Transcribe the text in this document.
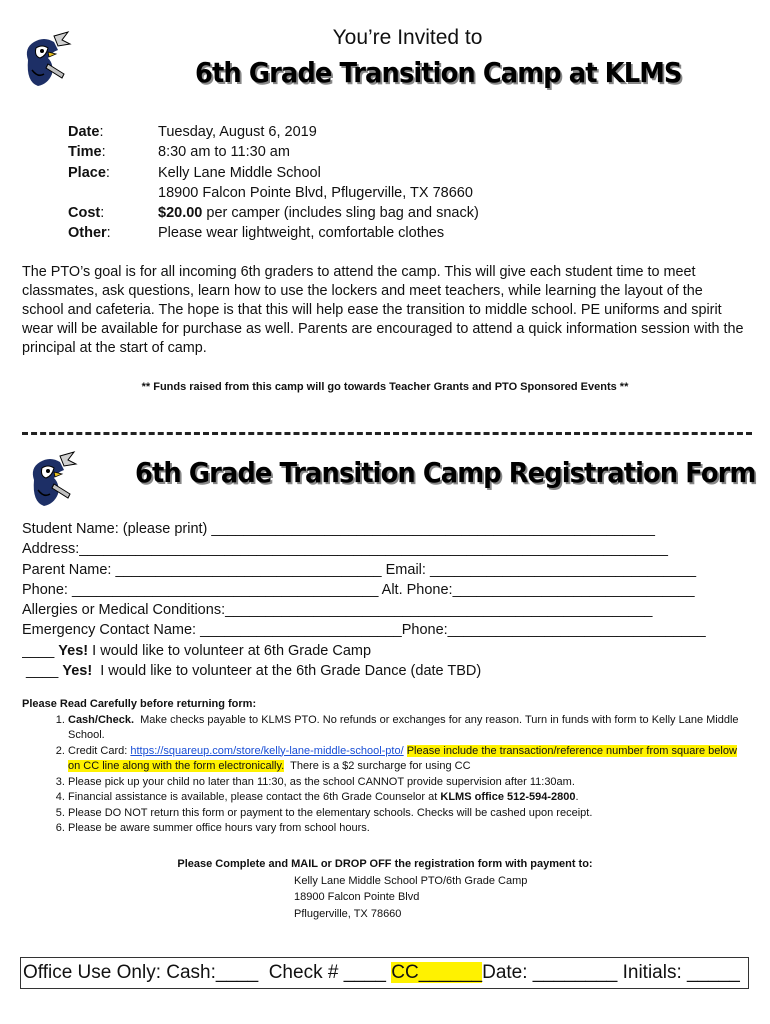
You’re Invited to
6th Grade Transition Camp at KLMS
Date:	Tuesday, August 6, 2019
Time:	8:30 am to 11:30 am
Place:	Kelly Lane Middle School
18900 Falcon Pointe Blvd, Pflugerville, TX 78660
Cost:	$20.00 per camper (includes sling bag and snack)
Other:	Please wear lightweight, comfortable clothes
The PTO’s goal is for all incoming 6th graders to attend the camp. This will give each student time to meet classmates, ask questions, learn how to use the lockers and meet teachers, while learning the layout of the school and cafeteria. The hope is that this will help ease the transition to middle school. PE uniforms and spirit wear will be available for purchase as well. Parents are encouraged to attend a quick information session with the principal at the start of camp.
** Funds raised from this camp will go towards Teacher Grants and PTO Sponsored Events **
6th Grade Transition Camp Registration Form
Student Name: (please print) _______________________________________________________
Address:_________________________________________________________________________
Parent Name: _________________________________ Email: _________________________________
Phone: ______________________________________ Alt. Phone:______________________________
Allergies or Medical Conditions:_____________________________________________________
Emergency Contact Name: _________________________Phone:________________________________
____ Yes! I would like to volunteer at 6th Grade Camp
____ Yes!  I would like to volunteer at the 6th Grade Dance (date TBD)
Please Read Carefully before returning form:
1. Cash/Check.  Make checks payable to KLMS PTO. No refunds or exchanges for any reason. Turn in funds with form to Kelly Lane Middle School.
2. Credit Card: https://squareup.com/store/kelly-lane-middle-school-pto/ Please include the transaction/reference number from square below on CC line along with the form electronically.  There is a $2 surcharge for using CC
3. Please pick up your child no later than 11:30, as the school CANNOT provide supervision after 11:30am.
4. Financial assistance is available, please contact the 6th Grade Counselor at KLMS office 512-594-2800.
5. Please DO NOT return this form or payment to the elementary schools. Checks will be cashed upon receipt.
6. Please be aware summer office hours vary from school hours.
Please Complete and MAIL or DROP OFF the registration form with payment to:
Kelly Lane Middle School PTO/6th Grade Camp
18900 Falcon Pointe Blvd
Pflugerville, TX 78660
Office Use Only: Cash:____  Check # ____ CC______Date: ________ Initials: _____
